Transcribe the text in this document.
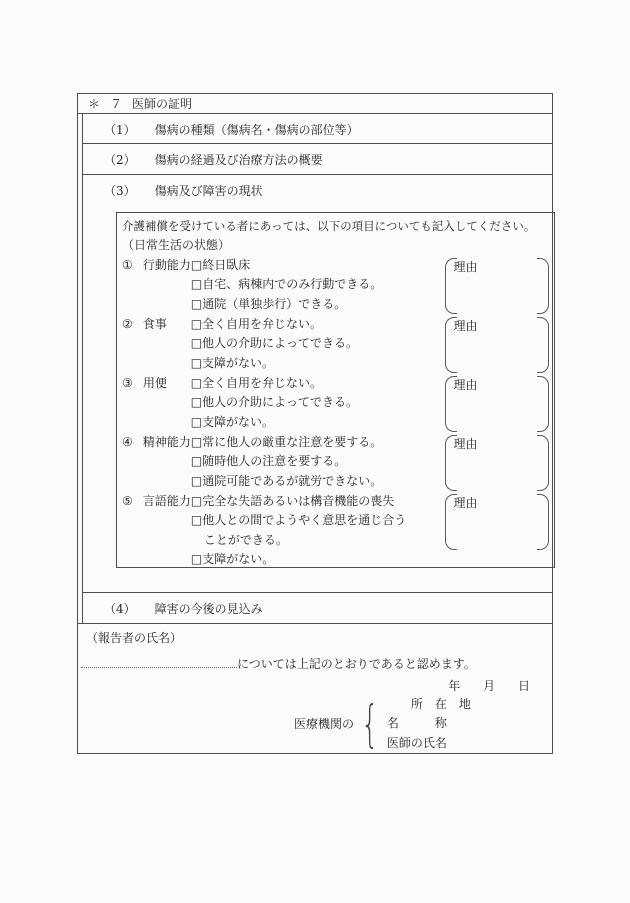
＊ ７ 医師の証明
（1） 傷病の種類（傷病名・傷病の部位等）
（2） 傷病の経過及び治療方法の概要
（3） 傷病及び障害の現状
介護補償を受けている者にあっては、以下の項目についても記入してください。
（日常生活の状態）
① 行動能力 □終日臥床
□自宅、病棟内でのみ行動できる。
□通院（単独歩行）できる。
理由
② 食事	□全く自用を弁じない。
□他人の介助によってできる。
□支障がない。
理由
③ 用便	□全く自用を弁じない。
□他人の介助によってできる。
□支障がない。
理由
④ 精神能力 □常に他人の厳重な注意を要する。
□随時他人の注意を要する。
□通院可能であるが就労できない。
理由
⑤ 言語能力 □完全な失語あるいは構音機能の喪失
□他人との間でようやく意思を通じ合う
ことができる。
□支障がない。
理由
（4） 障害の今後の見込み
（報告者の氏名）
については上記のとおりであると認めます。
年 月 日
医療機関の { 　　所　在　地
名　　　称
医師の氏名
